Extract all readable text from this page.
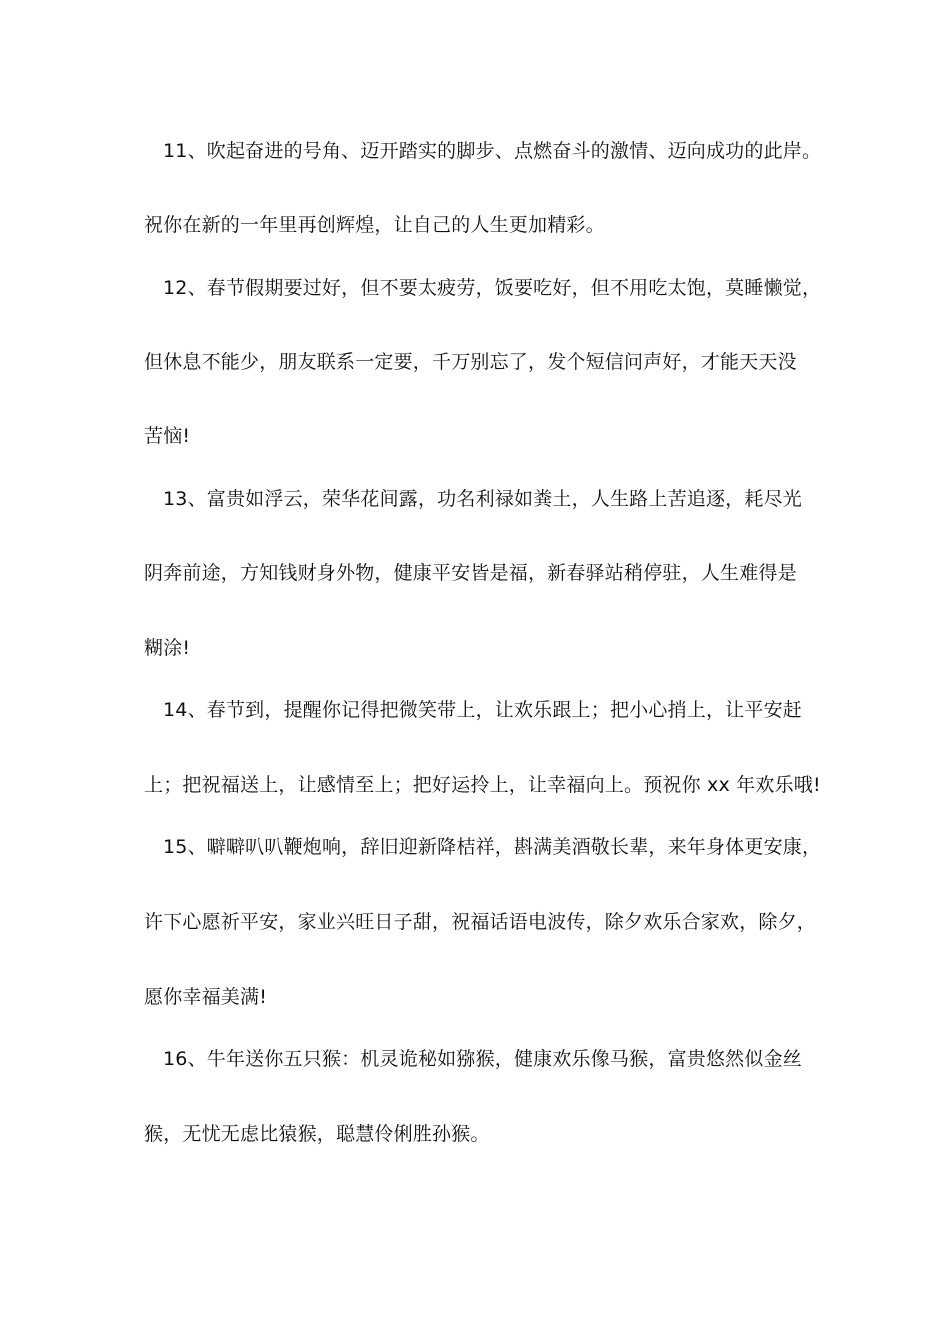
11、吹起奋进的号角、迈开踏实的脚步、点燃奋斗的激情、迈向成功的此岸。
祝你在新的一年里再创辉煌，让自己的人生更加精彩。
12、春节假期要过好，但不要太疲劳，饭要吃好，但不用吃太饱，莫睡懒觉，
但休息不能少，朋友联系一定要，千万别忘了，发个短信问声好，才能天天没
苦恼!
13、富贵如浮云，荣华花间露，功名利禄如粪土，人生路上苦追逐，耗尽光
阴奔前途，方知钱财身外物，健康平安皆是福，新春驿站稍停驻，人生难得是
糊涂!
14、春节到，提醒你记得把微笑带上，让欢乐跟上；把小心捎上，让平安赶
上；把祝福送上，让感情至上；把好运拎上，让幸福向上。预祝你 xx 年欢乐哦!
15、噼噼叭叭鞭炮响，辞旧迎新降桔祥，斟满美酒敬长辈，来年身体更安康，
许下心愿祈平安，家业兴旺日子甜，祝福话语电波传，除夕欢乐合家欢，除夕，
愿你幸福美满!
16、牛年送你五只猴：机灵诡秘如猕猴，健康欢乐像马猴，富贵悠然似金丝
猴，无忧无虑比猿猴，聪慧伶俐胜孙猴。
